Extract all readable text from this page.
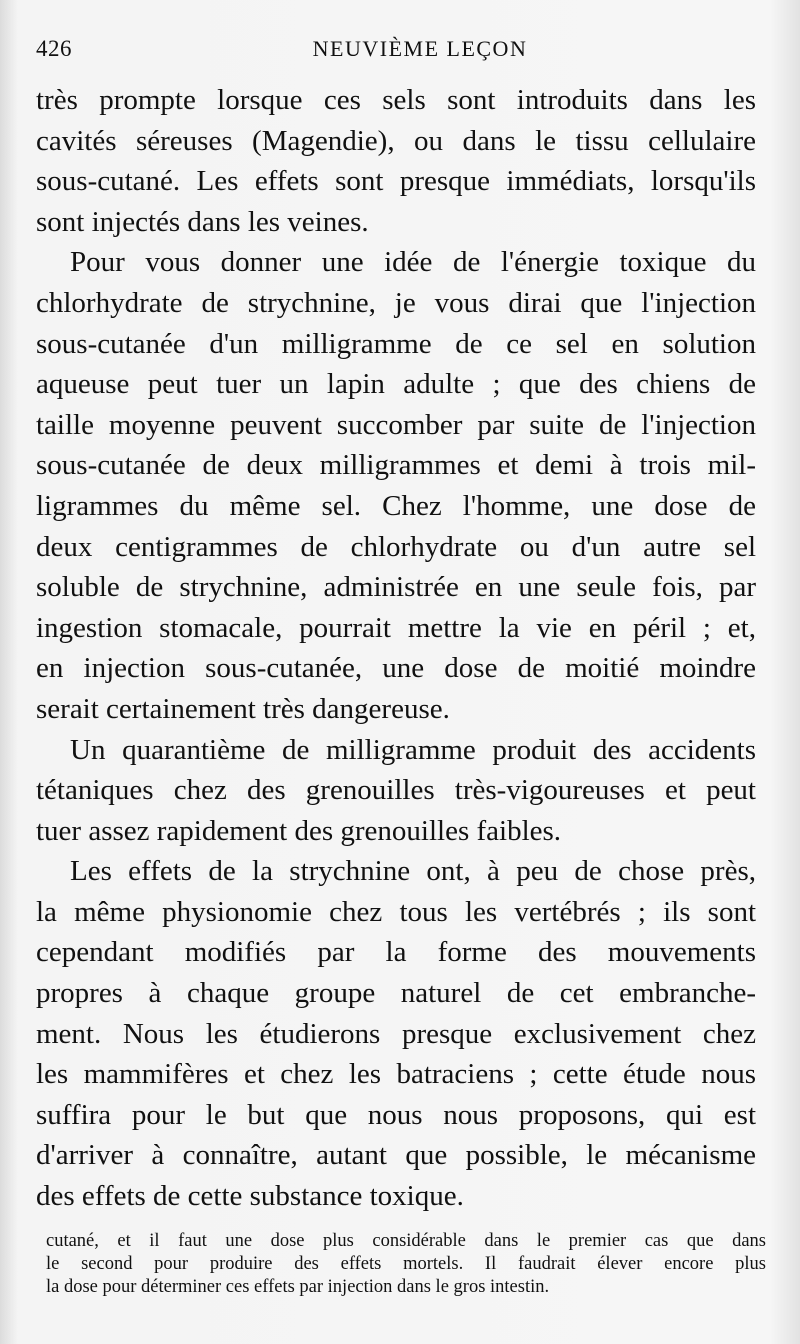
426	NEUVIÈME LEÇON
très prompte lorsque ces sels sont introduits dans les
cavités séreuses (Magendie), ou dans le tissu cellulaire
sous-cutané. Les effets sont presque immédiats, lorsqu'ils
sont injectés dans les veines.
Pour vous donner une idée de l'énergie toxique du
chlorhydrate de strychnine, je vous dirai que l'injection
sous-cutanée d'un milligramme de ce sel en solution
aqueuse peut tuer un lapin adulte ; que des chiens de
taille moyenne peuvent succomber par suite de l'injection
sous-cutanée de deux milligrammes et demi à trois mil-
ligrammes du même sel. Chez l'homme, une dose de
deux centigrammes de chlorhydrate ou d'un autre sel
soluble de strychnine, administrée en une seule fois, par
ingestion stomacale, pourrait mettre la vie en péril ; et,
en injection sous-cutanée, une dose de moitié moindre
serait certainement très dangereuse.
Un quarantième de milligramme produit des accidents
tétaniques chez des grenouilles très-vigoureuses et peut
tuer assez rapidement des grenouilles faibles.
Les effets de la strychnine ont, à peu de chose près,
la même physionomie chez tous les vertébrés ; ils sont
cependant modifiés par la forme des mouvements
propres à chaque groupe naturel de cet embranche-
ment. Nous les étudierons presque exclusivement chez
les mammifères et chez les batraciens ; cette étude nous
suffira pour le but que nous nous proposons, qui est
d'arriver à connaître, autant que possible, le mécanisme
des effets de cette substance toxique.
cutané, et il faut une dose plus considérable dans le premier cas que dans
le second pour produire des effets mortels. Il faudrait élever encore plus
la dose pour déterminer ces effets par injection dans le gros intestin.
